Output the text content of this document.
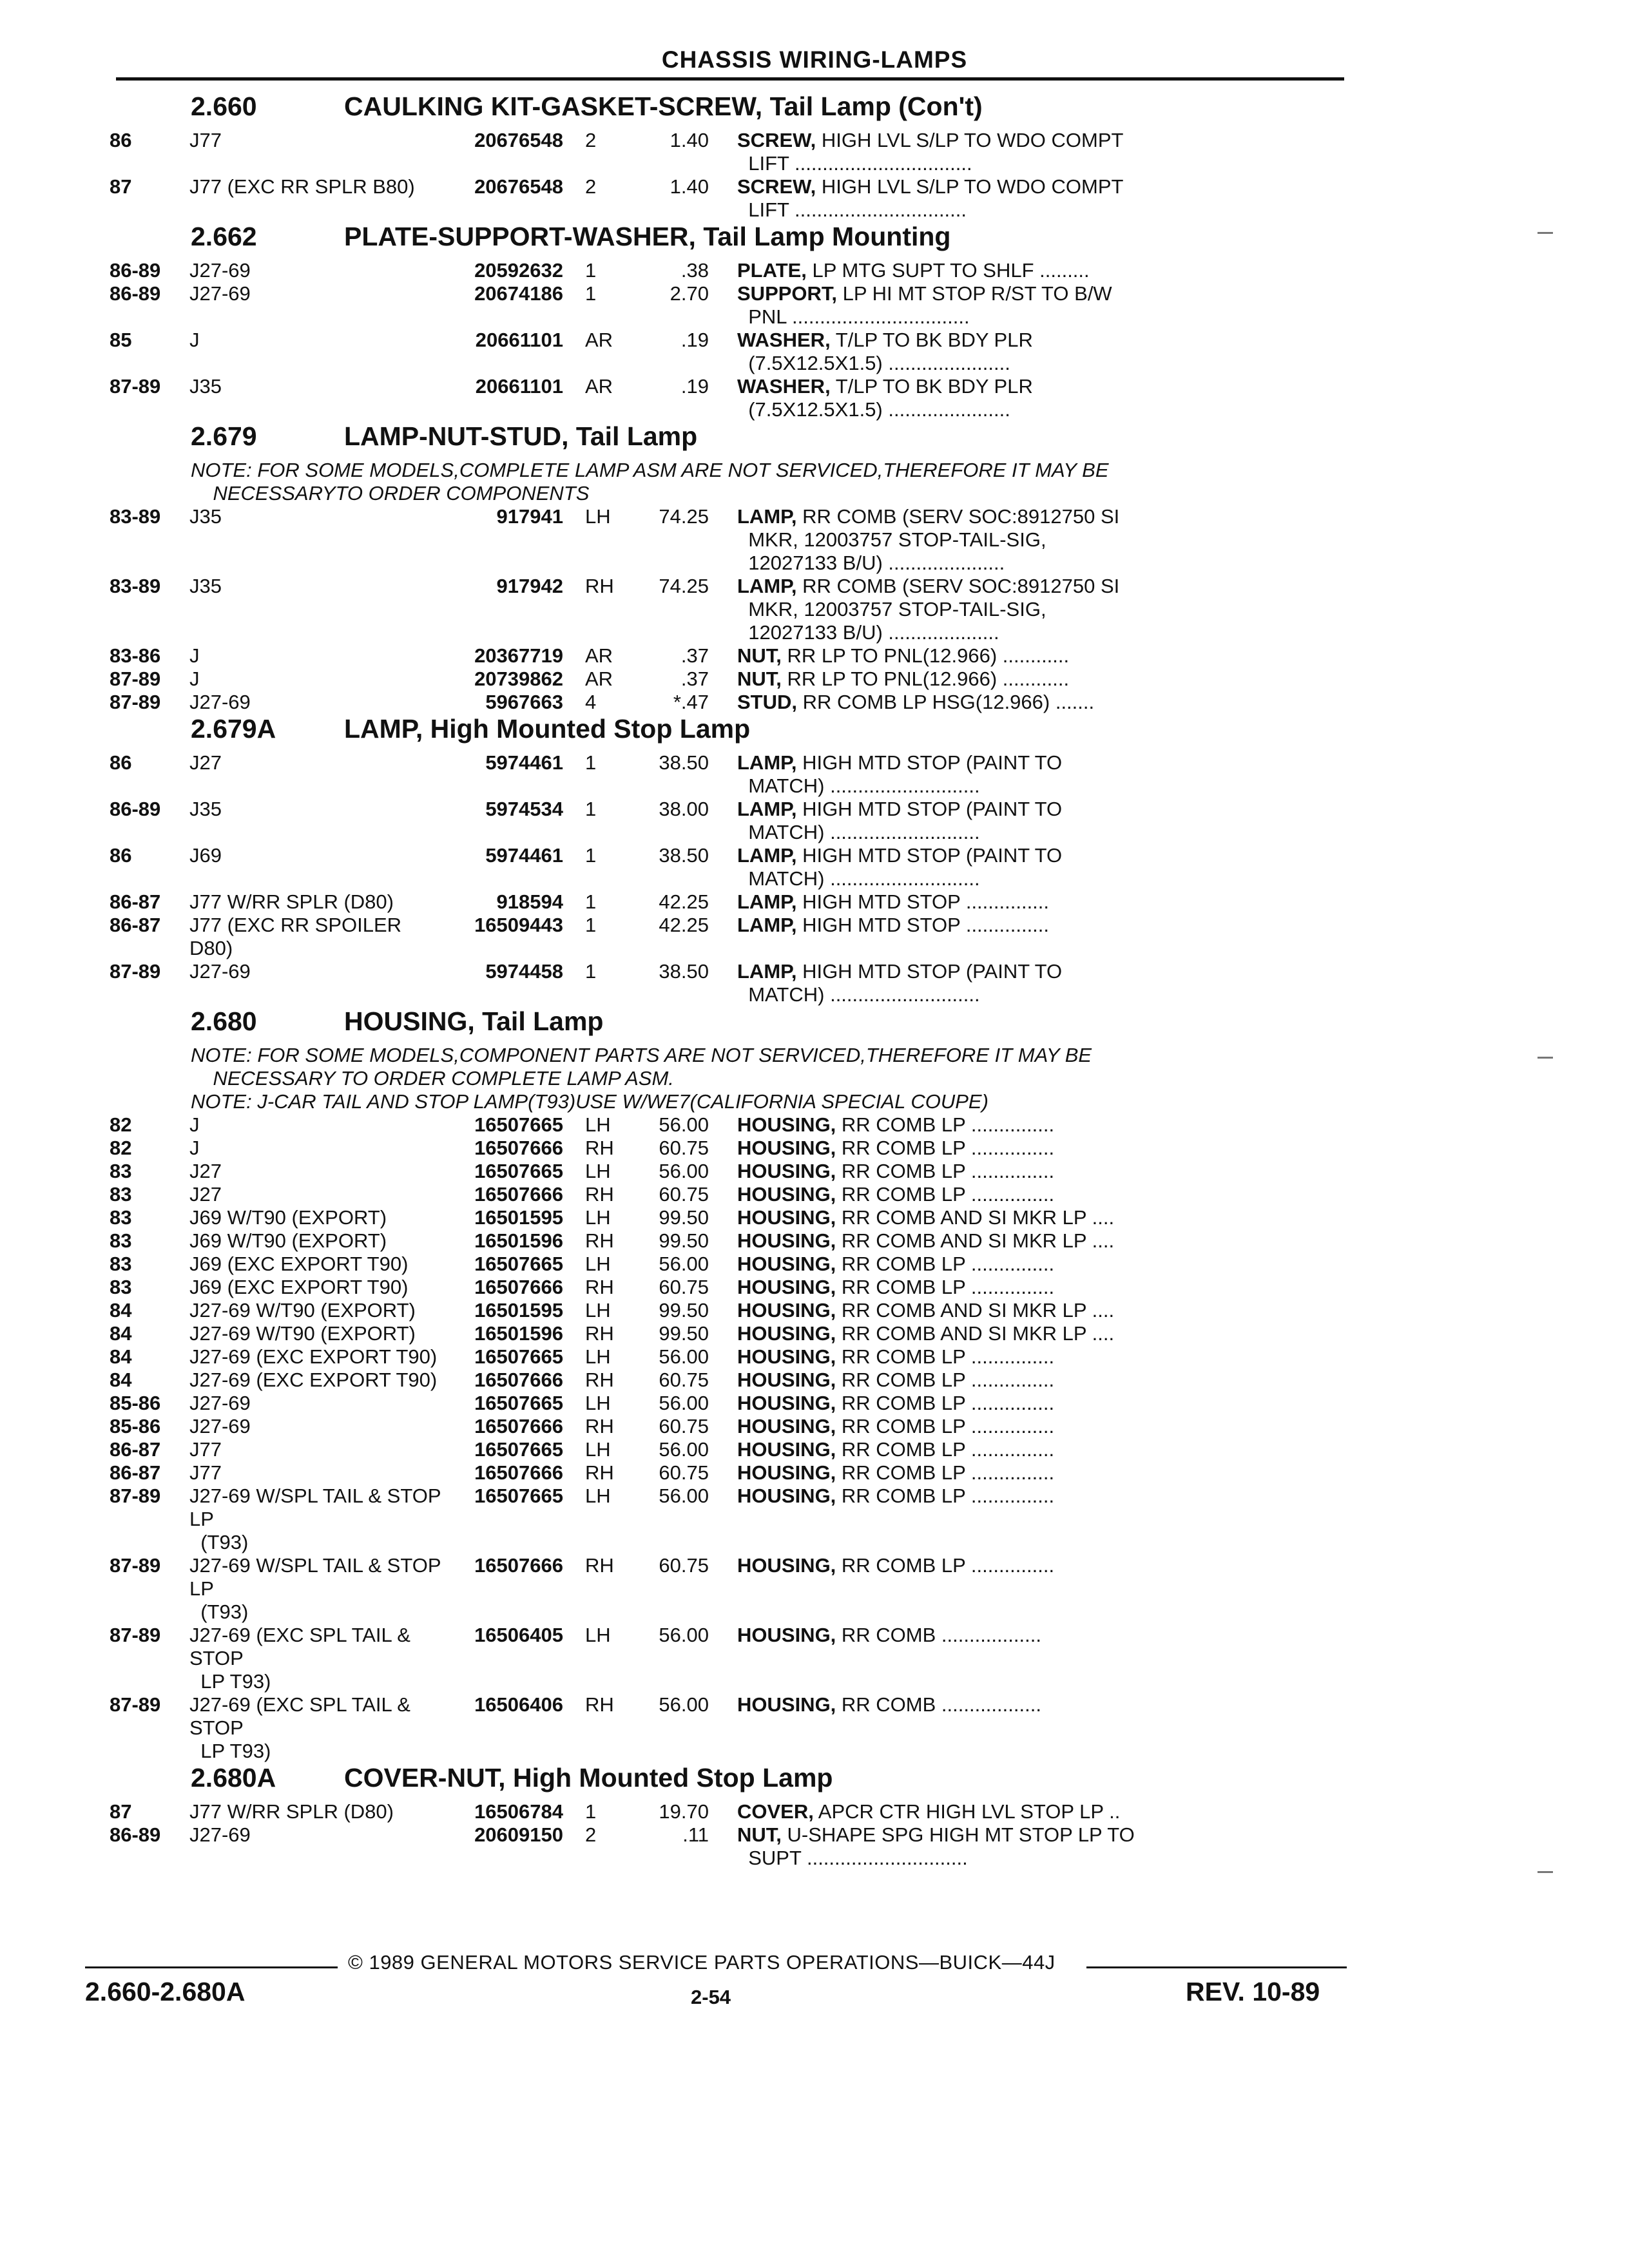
CHASSIS WIRING-LAMPS
2.660	CAULKING KIT-GASKET-SCREW, Tail Lamp (Con't)
86	J77	20676548	2	1.40	SCREW, HIGH LVL S/LP TO WDO COMPT
LIFT ................................
87	J77 (EXC RR SPLR B80)	20676548	2	1.40	SCREW, HIGH LVL S/LP TO WDO COMPT
LIFT ...............................
2.662	PLATE-SUPPORT-WASHER, Tail Lamp Mounting
86-89	J27-69	20592632	1	.38	PLATE, LP MTG SUPT TO SHLF .........
86-89	J27-69	20674186	1	2.70	SUPPORT, LP HI MT STOP R/ST TO B/W
PNL ................................
85	J	20661101	AR	.19	WASHER, T/LP TO BK BDY PLR
(7.5X12.5X1.5) ......................
87-89	J35	20661101	AR	.19	WASHER, T/LP TO BK BDY PLR
(7.5X12.5X1.5) ......................
2.679	LAMP-NUT-STUD, Tail Lamp
NOTE: FOR SOME MODELS,COMPLETE LAMP ASM ARE NOT SERVICED,THEREFORE IT MAY BE
NECESSARYTO ORDER COMPONENTS
83-89	J35	917941	LH	74.25	LAMP, RR COMB (SERV SOC:8912750 SI
MKR, 12003757 STOP-TAIL-SIG,
12027133 B/U) .....................
83-89	J35	917942	RH	74.25	LAMP, RR COMB (SERV SOC:8912750 SI
MKR, 12003757 STOP-TAIL-SIG,
12027133 B/U) ....................
83-86	J	20367719	AR	.37	NUT, RR LP TO PNL(12.966) ............
87-89	J	20739862	AR	.37	NUT, RR LP TO PNL(12.966) ............
87-89	J27-69	5967663	4	*.47	STUD, RR COMB LP HSG(12.966) .......
2.679A	LAMP, High Mounted Stop Lamp
86	J27	5974461	1	38.50	LAMP, HIGH MTD STOP (PAINT TO
MATCH) ...........................
86-89	J35	5974534	1	38.00	LAMP, HIGH MTD STOP (PAINT TO
MATCH) ...........................
86	J69	5974461	1	38.50	LAMP, HIGH MTD STOP (PAINT TO
MATCH) ...........................
86-87	J77 W/RR SPLR (D80)	918594	1	42.25	LAMP, HIGH MTD STOP ...............
86-87	J77 (EXC RR SPOILER D80)
16509443	1	42.25	LAMP, HIGH MTD STOP ...............
87-89	J27-69	5974458	1	38.50	LAMP, HIGH MTD STOP (PAINT TO
MATCH) ...........................
2.680	HOUSING, Tail Lamp
NOTE: FOR SOME MODELS,COMPONENT PARTS ARE NOT SERVICED,THEREFORE IT MAY BE
NECESSARY TO ORDER COMPLETE LAMP ASM.
NOTE: J-CAR TAIL AND STOP LAMP(T93)USE W/WE7(CALIFORNIA SPECIAL COUPE)
82	J	16507665	LH	56.00	HOUSING, RR COMB LP ...............
82	J	16507666	RH	60.75	HOUSING, RR COMB LP ...............
83	J27	16507665	LH	56.00	HOUSING, RR COMB LP ...............
83	J27	16507666	RH	60.75	HOUSING, RR COMB LP ...............
83	J69 W/T90 (EXPORT)	16501595	LH	99.50	HOUSING, RR COMB AND SI MKR LP ....
83	J69 W/T90 (EXPORT)	16501596	RH	99.50	HOUSING, RR COMB AND SI MKR LP ....
83	J69 (EXC EXPORT T90)	16507665	LH	56.00	HOUSING, RR COMB LP ...............
83	J69 (EXC EXPORT T90)	16507666	RH	60.75	HOUSING, RR COMB LP ...............
84	J27-69 W/T90 (EXPORT)	16501595	LH	99.50	HOUSING, RR COMB AND SI MKR LP ....
84	J27-69 W/T90 (EXPORT)	16501596	RH	99.50	HOUSING, RR COMB AND SI MKR LP ....
84	J27-69 (EXC EXPORT T90)	16507665	LH	56.00	HOUSING, RR COMB LP ...............
84	J27-69 (EXC EXPORT T90)	16507666	RH	60.75	HOUSING, RR COMB LP ...............
85-86	J27-69	16507665	LH	56.00	HOUSING, RR COMB LP ...............
85-86	J27-69	16507666	RH	60.75	HOUSING, RR COMB LP ...............
86-87	J77	16507665	LH	56.00	HOUSING, RR COMB LP ...............
86-87	J77	16507666	RH	60.75	HOUSING, RR COMB LP ...............
87-89	J27-69 W/SPL TAIL & STOP LP
(T93)
16507665	LH	56.00	HOUSING, RR COMB LP ...............
87-89	J27-69 W/SPL TAIL & STOP LP
(T93)
16507666	RH	60.75	HOUSING, RR COMB LP ...............
87-89	J27-69 (EXC SPL TAIL & STOP
LP T93)
16506405	LH	56.00	HOUSING, RR COMB ..................
87-89	J27-69 (EXC SPL TAIL & STOP
LP T93)
16506406	RH	56.00	HOUSING, RR COMB ..................
2.680A	COVER-NUT, High Mounted Stop Lamp
87	J77 W/RR SPLR (D80)	16506784	1	19.70	COVER, APCR CTR HIGH LVL STOP LP ..
86-89	J27-69	20609150	2	.11	NUT, U-SHAPE SPG HIGH MT STOP LP TO
SUPT .............................
© 1989 GENERAL MOTORS SERVICE PARTS OPERATIONS—BUICK—44J
2.660-2.680A	2-54	REV. 10-89
